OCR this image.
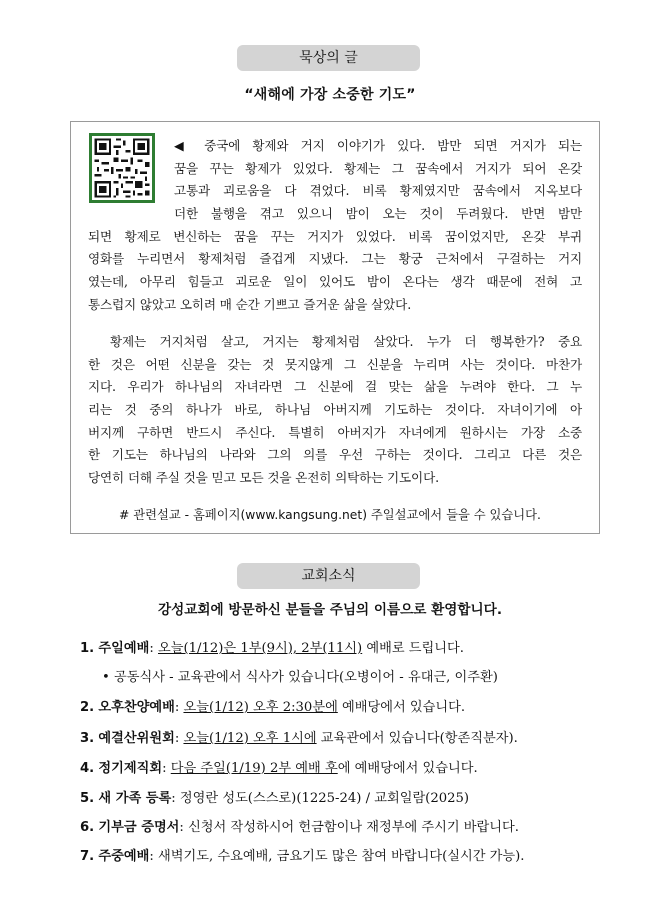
묵상의 글
“새해에 가장 소중한 기도”
◀ 중국에 황제와 거지 이야기가 있다. 밤만 되면 거지가 되는
꿈을 꾸는 황제가 있었다. 황제는 그 꿈속에서 거지가 되어 온갖
고통과 괴로움을 다 겪었다. 비록 황제였지만 꿈속에서 지옥보다
더한 불행을 겪고 있으니 밤이 오는 것이 두려웠다. 반면 밤만
되면 황제로 변신하는 꿈을 꾸는 거지가 있었다. 비록 꿈이었지만, 온갖 부귀
영화를 누리면서 황제처럼 즐겁게 지냈다. 그는 황궁 근처에서 구걸하는 거지
였는데, 아무리 힘들고 괴로운 일이 있어도 밤이 온다는 생각 때문에 전혀 고
통스럽지 않았고 오히려 매 순간 기쁘고 즐거운 삶을 살았다.
황제는 거지처럼 살고, 거지는 황제처럼 살았다. 누가 더 행복한가? 중요
한 것은 어떤 신분을 갖는 것 못지않게 그 신분을 누리며 사는 것이다. 마찬가
지다. 우리가 하나님의 자녀라면 그 신분에 걸 맞는 삶을 누려야 한다. 그 누
리는 것 중의 하나가 바로, 하나님 아버지께 기도하는 것이다. 자녀이기에 아
버지께 구하면 반드시 주신다. 특별히 아버지가 자녀에게 원하시는 가장 소중
한 기도는 하나님의 나라와 그의 의를 우선 구하는 것이다. 그리고 다른 것은
당연히 더해 주실 것을 믿고 모든 것을 온전히 의탁하는 기도이다.
# 관련설교 - 홈페이지(www.kangsung.net) 주일설교에서 들을 수 있습니다.
교회소식
강성교회에 방문하신 분들을 주님의 이름으로 환영합니다.
1. 주일예배: 오늘(1/12)은 1부(9시), 2부(11시) 예배로 드립니다.
• 공동식사 - 교육관에서 식사가 있습니다(오병이어 - 유대근, 이주환)
2. 오후찬양예배: 오늘(1/12) 오후 2:30분에 예배당에서 있습니다.
3. 예결산위원회: 오늘(1/12) 오후 1시에 교육관에서 있습니다(항존직분자).
4. 정기제직회: 다음 주일(1/19) 2부 예배 후에 예배당에서 있습니다.
5. 새 가족 등록: 정영란 성도(스스로)(1225-24) / 교회일람(2025)
6. 기부금 증명서: 신청서 작성하시어 헌금함이나 재정부에 주시기 바랍니다.
7. 주중예배: 새벽기도, 수요예배, 금요기도 많은 참여 바랍니다(실시간 가능).
